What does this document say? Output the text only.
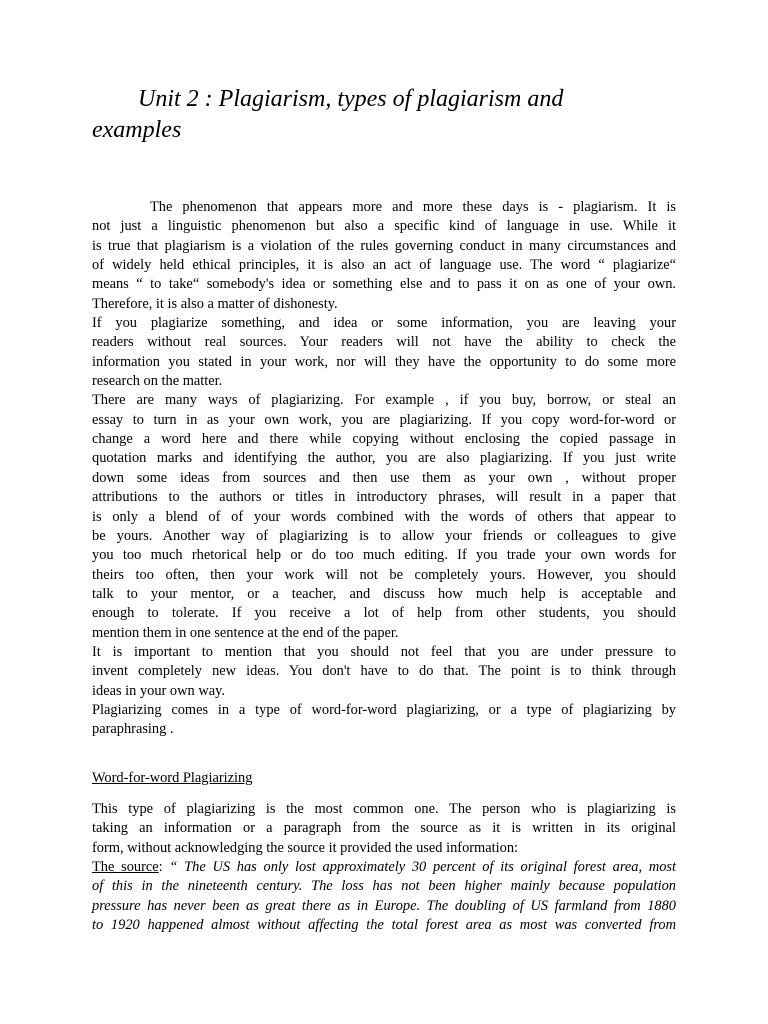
Unit 2 : Plagiarism, types of plagiarism and
examples
The phenomenon that appears more and more these days is - plagiarism. It is
not just a linguistic phenomenon but also a specific kind of language in use. While it
is true that plagiarism is a violation of the rules governing conduct in many circumstances and
of widely held ethical principles, it is also an act of language use. The word “ plagiarize“
means “ to take“ somebody's idea or something else and to pass it on as one of your own.
Therefore, it is also a matter of dishonesty.
If you plagiarize something, and idea or some information, you are leaving your
readers without real sources. Your readers will not have the ability to check the
information you stated in your work, nor will they have the opportunity to do some more
research on the matter.
There are many ways of plagiarizing. For example , if you buy, borrow, or steal an
essay to turn in as your own work, you are plagiarizing. If you copy word-for-word or
change a word here and there while copying without enclosing the copied passage in
quotation marks and identifying the author, you are also plagiarizing. If you just write
down some ideas from sources and then use them as your own , without proper
attributions to the authors or titles in introductory phrases, will result in a paper that
is only a blend of of your words combined with the words of others that appear to
be yours. Another way of plagiarizing is to allow your friends or colleagues to give
you too much rhetorical help or do too much editing. If you trade your own words for
theirs too often, then your work will not be completely yours. However, you should
talk to your mentor, or a teacher, and discuss how much help is acceptable and
enough to tolerate. If you receive a lot of help from other students, you should
mention them in one sentence at the end of the paper.
It is important to mention that you should not feel that you are under pressure to
invent completely new ideas. You don't have to do that. The point is to think through
ideas in your own way.
Plagiarizing comes in a type of word-for-word plagiarizing, or a type of plagiarizing by
paraphrasing .
Word-for-word Plagiarizing
This type of plagiarizing is the most common one. The person who is plagiarizing is
taking an information or a paragraph from the source as it is written in its original
form, without acknowledging the source it provided the used information:
The source: “ The US has only lost approximately 30 percent of its original forest area, most
of this in the nineteenth century. The loss has not been higher mainly because population
pressure has never been as great there as in Europe. The doubling of US farmland from 1880
to 1920 happened almost without affecting the total forest area as most was converted from
